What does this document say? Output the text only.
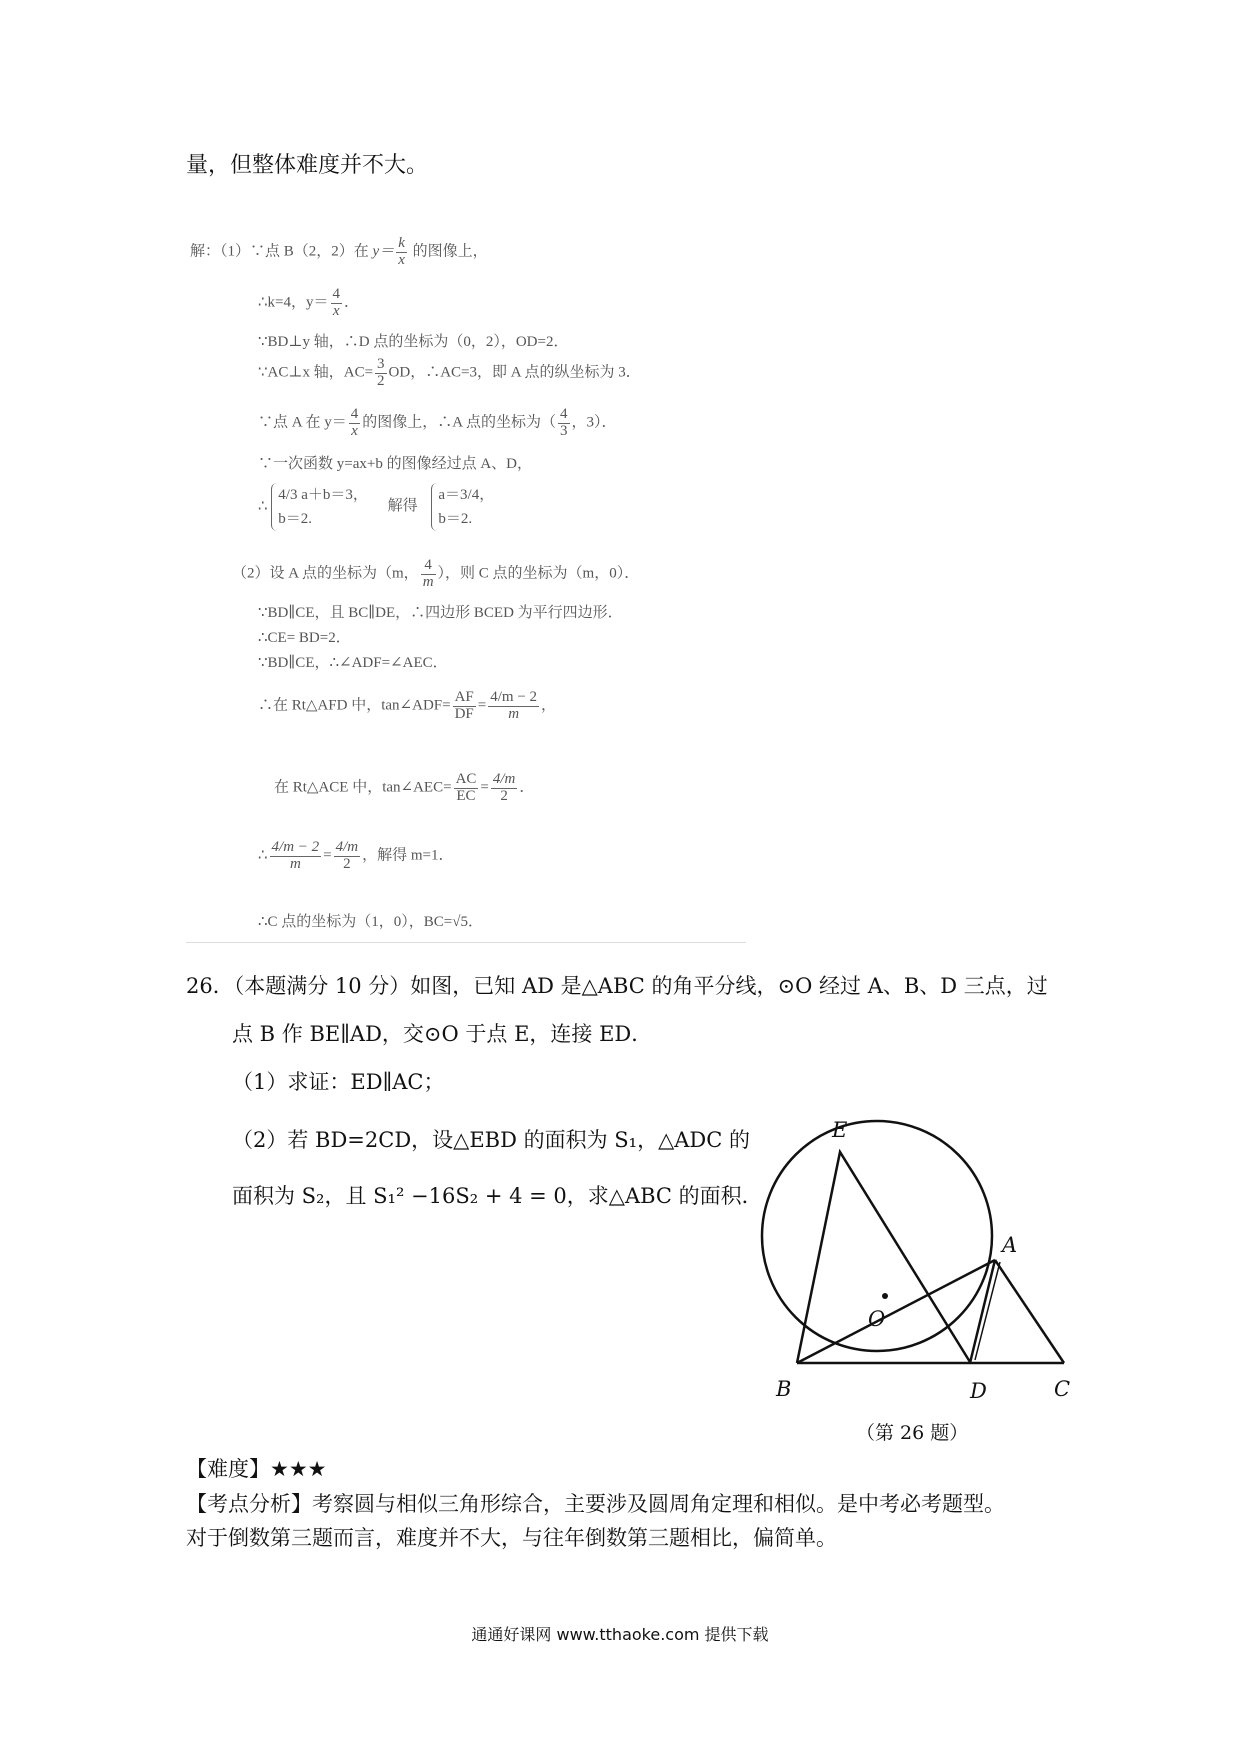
量，但整体难度并不大。
解：（1）∵点 B（2，2）在 $y= \frac{k}{x}$ 的图像上，
∴k=4，$y= \frac{4}{x}$ ．
∵BD⊥y 轴，∴D 点的坐标为（0，2），OD=2．
∵AC⊥x 轴，$AC= \frac{3}{2}$ OD，∴AC=3，即 A 点的纵坐标为 3．
∵点 A 在 $y= \frac{4}{x}$ 的图像上，∴A 点的坐标为（ $\frac{4}{3}$ ，3）．
∵一次函数 y=ax+b 的图像经过点 A、D，
∴
4/3 a＋b＝3，
b＝2.
解得
a＝3/4，
b＝2.
（2）设 A 点的坐标为（m， $\frac{4}{m}$ ），则 C 点的坐标为（m，0）．
∵BD∥CE，且 BC∥DE，∴四边形 BCED 为平行四边形．
∴CE= BD=2．
∵BD∥CE，∴∠ADF=∠AEC．
∴在 Rt△AFD 中，tan∠ADF= $\frac{AF}{DF} = \frac{4/m - 2}{m}$ ，
在 Rt△ACE 中，tan∠AEC= $\frac{AC}{EC} = \frac{4/m}{2}$ ．
∴ $\frac{4/m - 2}{m} = \frac{4/m}{2}$ ，解得 m=1．
∴C 点的坐标为（1，0），BC=√5．
26．（本题满分 10 分）如图，已知 AD 是△ABC 的角平分线，⊙O 经过 A、B、D 三点，过
点 B 作 BE∥AD，交⊙O 于点 E，连接 ED．
（1）求证：ED∥AC；
（2）若 BD=2CD，设△EBD 的面积为 S₁，△ADC 的
面积为 S₂，且 S₁² −16S₂ + 4 = 0，求△ABC 的面积．
E
A
O
B	D	C
（第 26 题）
【难度】★★★
【考点分析】考察圆与相似三角形综合，主要涉及圆周角定理和相似。是中考必考题型。
对于倒数第三题而言，难度并不大，与往年倒数第三题相比，偏简单。
通通好课网 www.tthaoke.com 提供下载
